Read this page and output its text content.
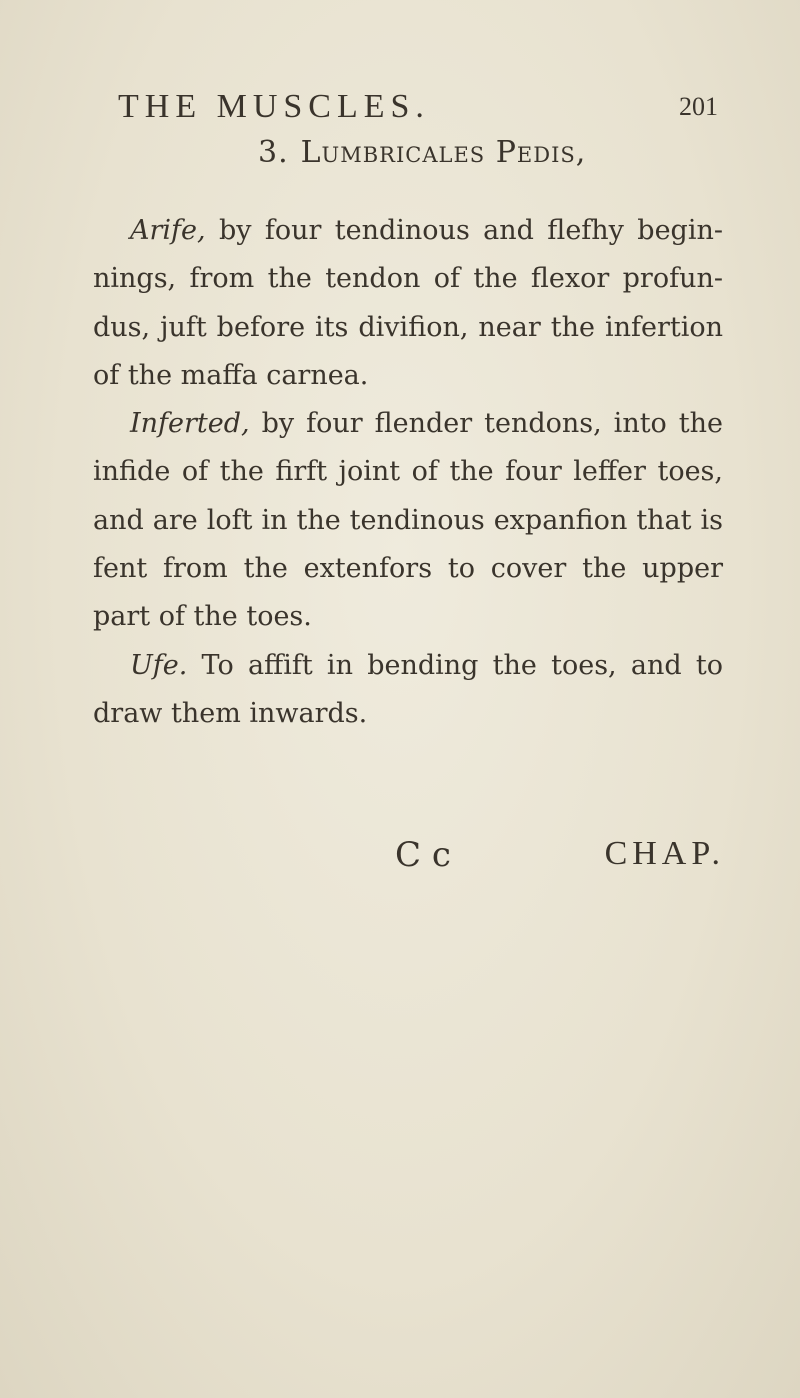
THE MUSCLES.	201
3. Lumbricales Pedis,

Arife, by four tendinous and flefhy begin-nings, from the tendon of the flexor profun-dus, juft before its divifion, near the infertion of the maffa carnea.

Inferted, by four flender tendons, into the infide of the firft joint of the four leffer toes, and are loft in the tendinous expanfion that is fent from the extenfors to cover the upper part of the toes.

Ufe. To affift in bending the toes, and to draw them inwards.

C c	CHAP.
